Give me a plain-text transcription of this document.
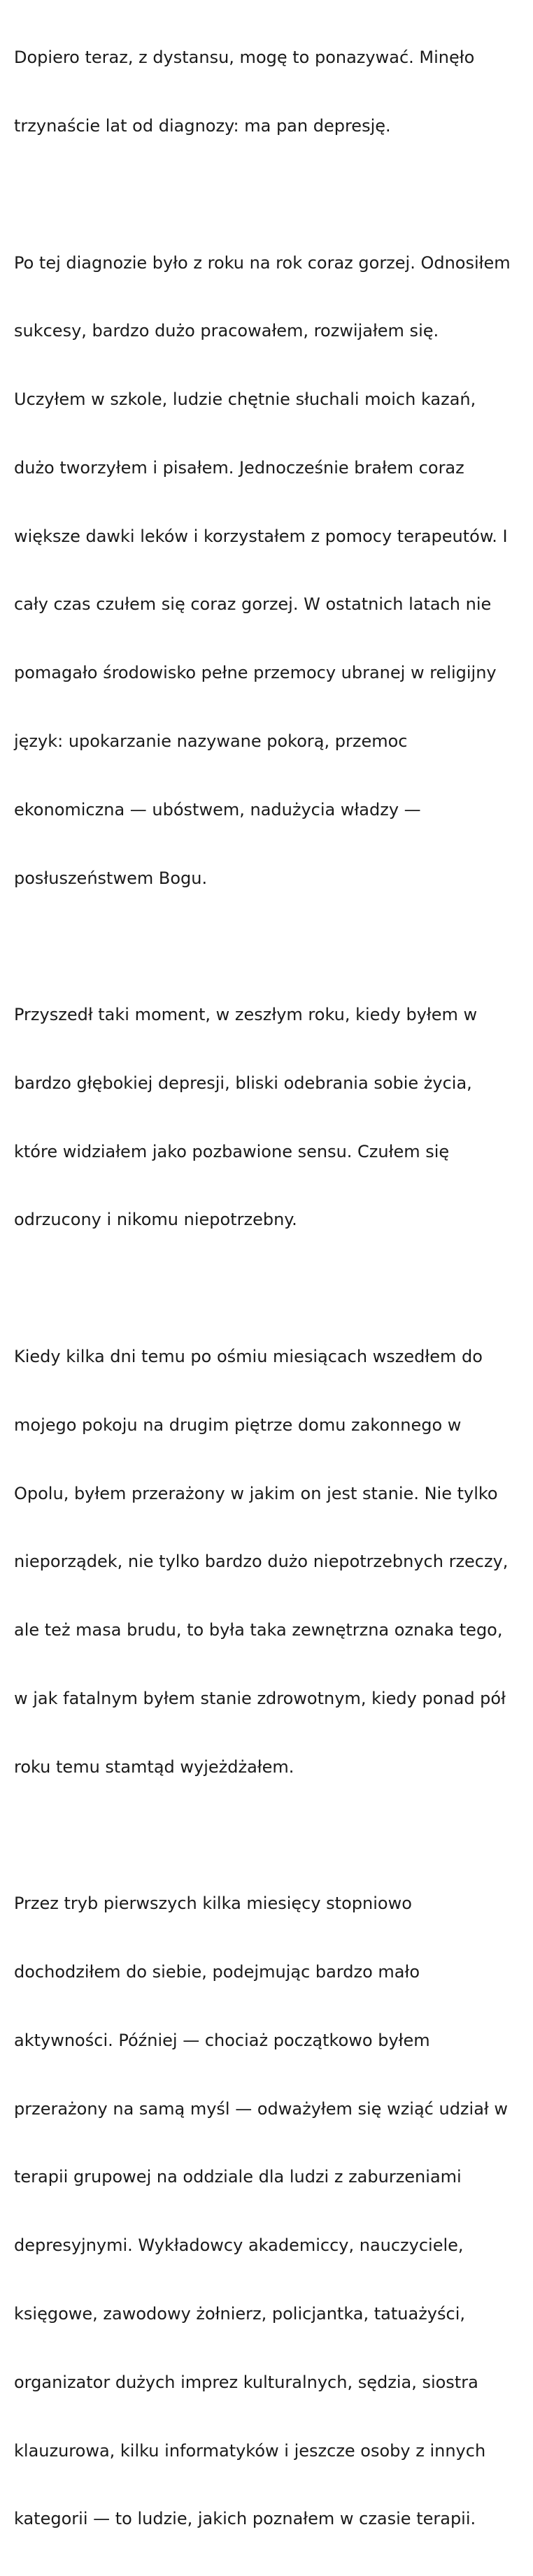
Dopiero teraz, z dystansu, mogę to ponazywać. Minęło

trzynaście lat od diagnozy: ma pan depresję.

Po tej diagnozie było z roku na rok coraz gorzej. Odnosiłem

sukcesy, bardzo dużo pracowałem, rozwijałem się.

Uczyłem w szkole, ludzie chętnie słuchali moich kazań,

dużo tworzyłem i pisałem. Jednocześnie brałem coraz

większe dawki leków i korzystałem z pomocy terapeutów. I

cały czas czułem się coraz gorzej. W ostatnich latach nie

pomagało środowisko pełne przemocy ubranej w religijny

język: upokarzanie nazywane pokorą, przemoc

ekonomiczna — ubóstwem, nadużycia władzy —

posłuszeństwem Bogu.

Przyszedł taki moment, w zeszłym roku, kiedy byłem w

bardzo głębokiej depresji, bliski odebrania sobie życia,

które widziałem jako pozbawione sensu. Czułem się

odrzucony i nikomu niepotrzebny.

Kiedy kilka dni temu po ośmiu miesiącach wszedłem do

mojego pokoju na drugim piętrze domu zakonnego w

Opolu, byłem przerażony w jakim on jest stanie. Nie tylko

nieporządek, nie tylko bardzo dużo niepotrzebnych rzeczy,

ale też masa brudu, to była taka zewnętrzna oznaka tego,

w jak fatalnym byłem stanie zdrowotnym, kiedy ponad pół

roku temu stamtąd wyjeżdżałem.

Przez tryb pierwszych kilka miesięcy stopniowo

dochodziłem do siebie, podejmując bardzo mało

aktywności. Później — chociaż początkowo byłem

przerażony na samą myśl — odważyłem się wziąć udział w

terapii grupowej na oddziale dla ludzi z zaburzeniami

depresyjnymi. Wykładowcy akademiccy, nauczyciele,

księgowe, zawodowy żołnierz, policjantka, tatuażyści,

organizator dużych imprez kulturalnych, sędzia, siostra

klauzurowa, kilku informatyków i jeszcze osoby z innych

kategorii — to ludzie, jakich poznałem w czasie terapii.
